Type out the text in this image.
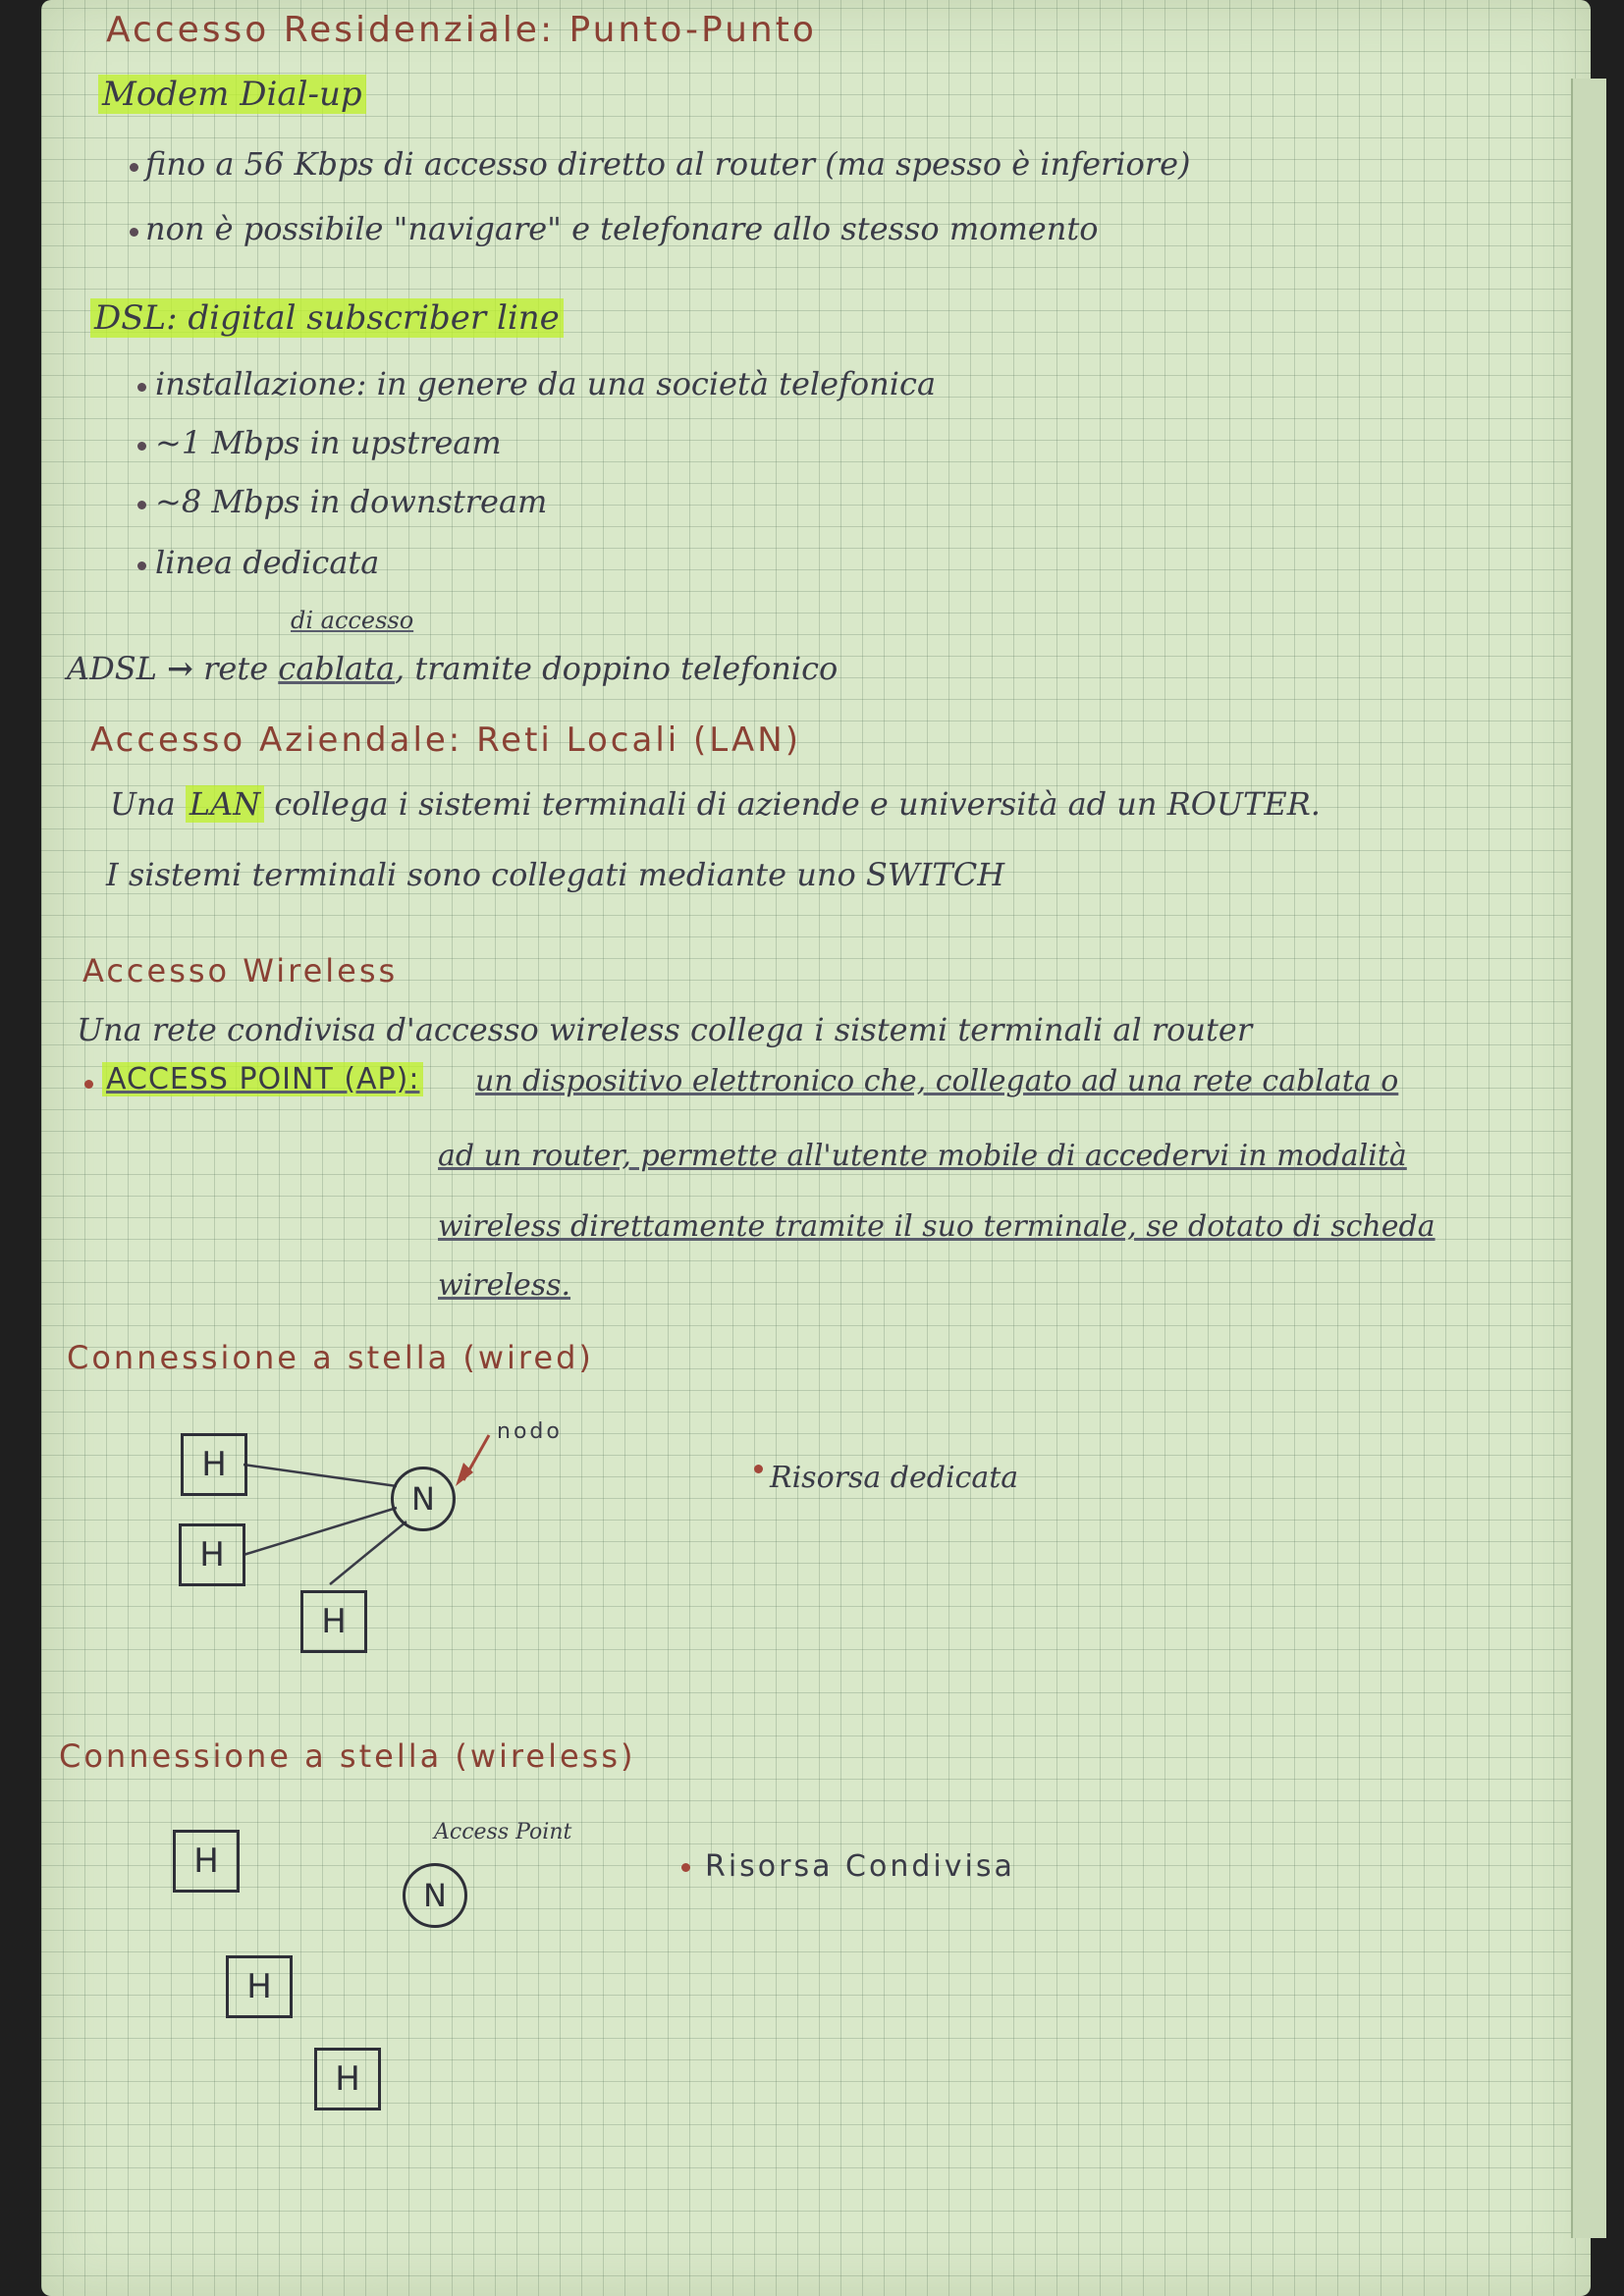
Accesso Residenziale: Punto-Punto
Modem Dial-up
fino a 56 Kbps di accesso diretto al router (ma spesso è inferiore)
non è possibile "navigare" e telefonare allo stesso momento
DSL: digital subscriber line
installazione: in genere da una società telefonica
~1 Mbps in upstream
~8 Mbps in downstream
linea dedicata
di accesso
ADSL → rete cablata, tramite doppino telefonico
Accesso Aziendale: Reti Locali (LAN)
Una LAN collega i sistemi terminali di aziende e università ad un ROUTER.
I sistemi terminali sono collegati mediante uno SWITCH
Accesso Wireless
Una rete condivisa d'accesso wireless collega i sistemi terminali al router
ACCESS POINT (AP): un dispositivo elettronico che, collegato ad una rete cablata o
ad un router, permette all'utente mobile di accedervi in modalità
wireless direttamente tramite il suo terminale, se dotato di scheda
wireless.
Connessione a stella (wired)
H
H
H
N
nodo
Risorsa dedicata
Connessione a stella (wireless)
H
H
H
Access Point
N
Risorsa Condivisa
